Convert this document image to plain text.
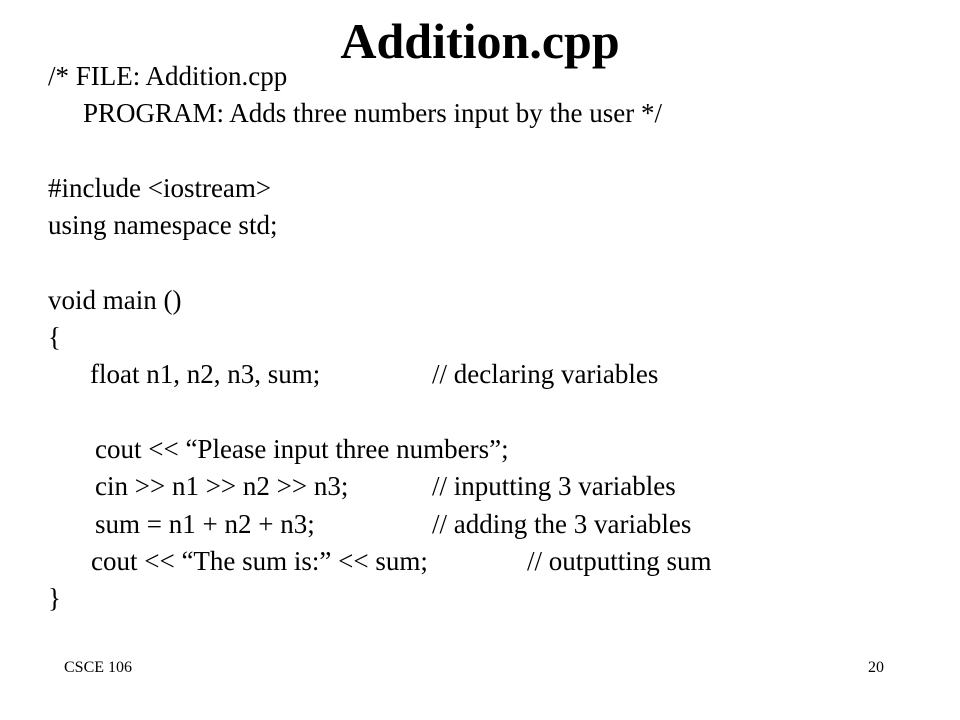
Addition.cpp

/* FILE: Addition.cpp

PROGRAM: Adds three numbers input by the user */

#include <iostream>

using namespace std;

void main ()

{

float n1, n2, n3, sum;

	// declaring variables

cout << “Please input three numbers”;

cin >> n1 >> n2 >> n3;

	// inputting 3 variables

sum = n1 + n2 + n3;

	// adding the 3 variables

cout << “The sum is:” << sum;

	// outputting sum

}

CSCE 106	20
